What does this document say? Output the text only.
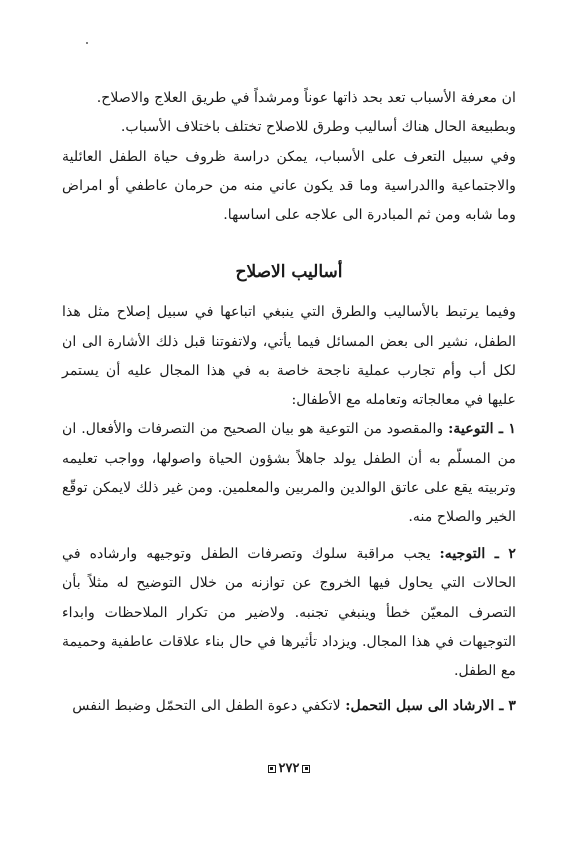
ان معرفة الأسباب تعد بحد ذاتها عوناً ومرشداً في طريق العلاج والاصلاح.
وبطبيعة الحال هناك أساليب وطرق للاصلاح تختلف باختلاف الأسباب.
وفي سبيل التعرف على الأسباب، يمكن دراسة ظروف حياة الطفل العائلية والاجتماعية واالدراسية وما قد يكون عاني منه من حرمان عاطفي أو امراض وما شابه ومن ثم المبادرة الى علاجه على اساسها.

أساليب الاصلاح

وفيما يرتبط بالأساليب والطرق التي ينبغي اتباعها في سبيل إصلاح مثل هذا الطفل، نشير الى بعض المسائل فيما يأتي، ولاتفوتنا قبل ذلك الأشارة الى ان لكل أب وأم تجارب عملية ناجحة خاصة به في هذا المجال عليه أن يستمر عليها في معالجاته وتعامله مع الأطفال:

١ ـ التوعية: والمقصود من التوعية هو بيان الصحيح من التصرفات والأفعال. ان من المسلّم به أن الطفل يولد جاهلاً بشؤون الحياة واصولها، وواجب تعليمه وتربيته يقع على عاتق الوالدين والمربين والمعلمين. ومن غير ذلك لايمكن توقّع الخير والصلاح منه.

٢ ـ التوجيه: يجب مراقبة سلوك وتصرفات الطفل وتوجيهه وارشاده في الحالات التي يحاول فيها الخروج عن توازنه من خلال التوضيح له مثلاً بأن التصرف المعيّن خطأ وينبغي تجنبه. ولاضير من تكرار الملاحظات وابداء التوجيهات في هذا المجال. ويزداد تأثيرها في حال بناء علاقات عاطفية وحميمة مع الطفل.

٣ ـ الارشاد الى سبل التحمل: لاتكفي دعوة الطفل الى التحمّل وضبط النفس

٢٧٢
